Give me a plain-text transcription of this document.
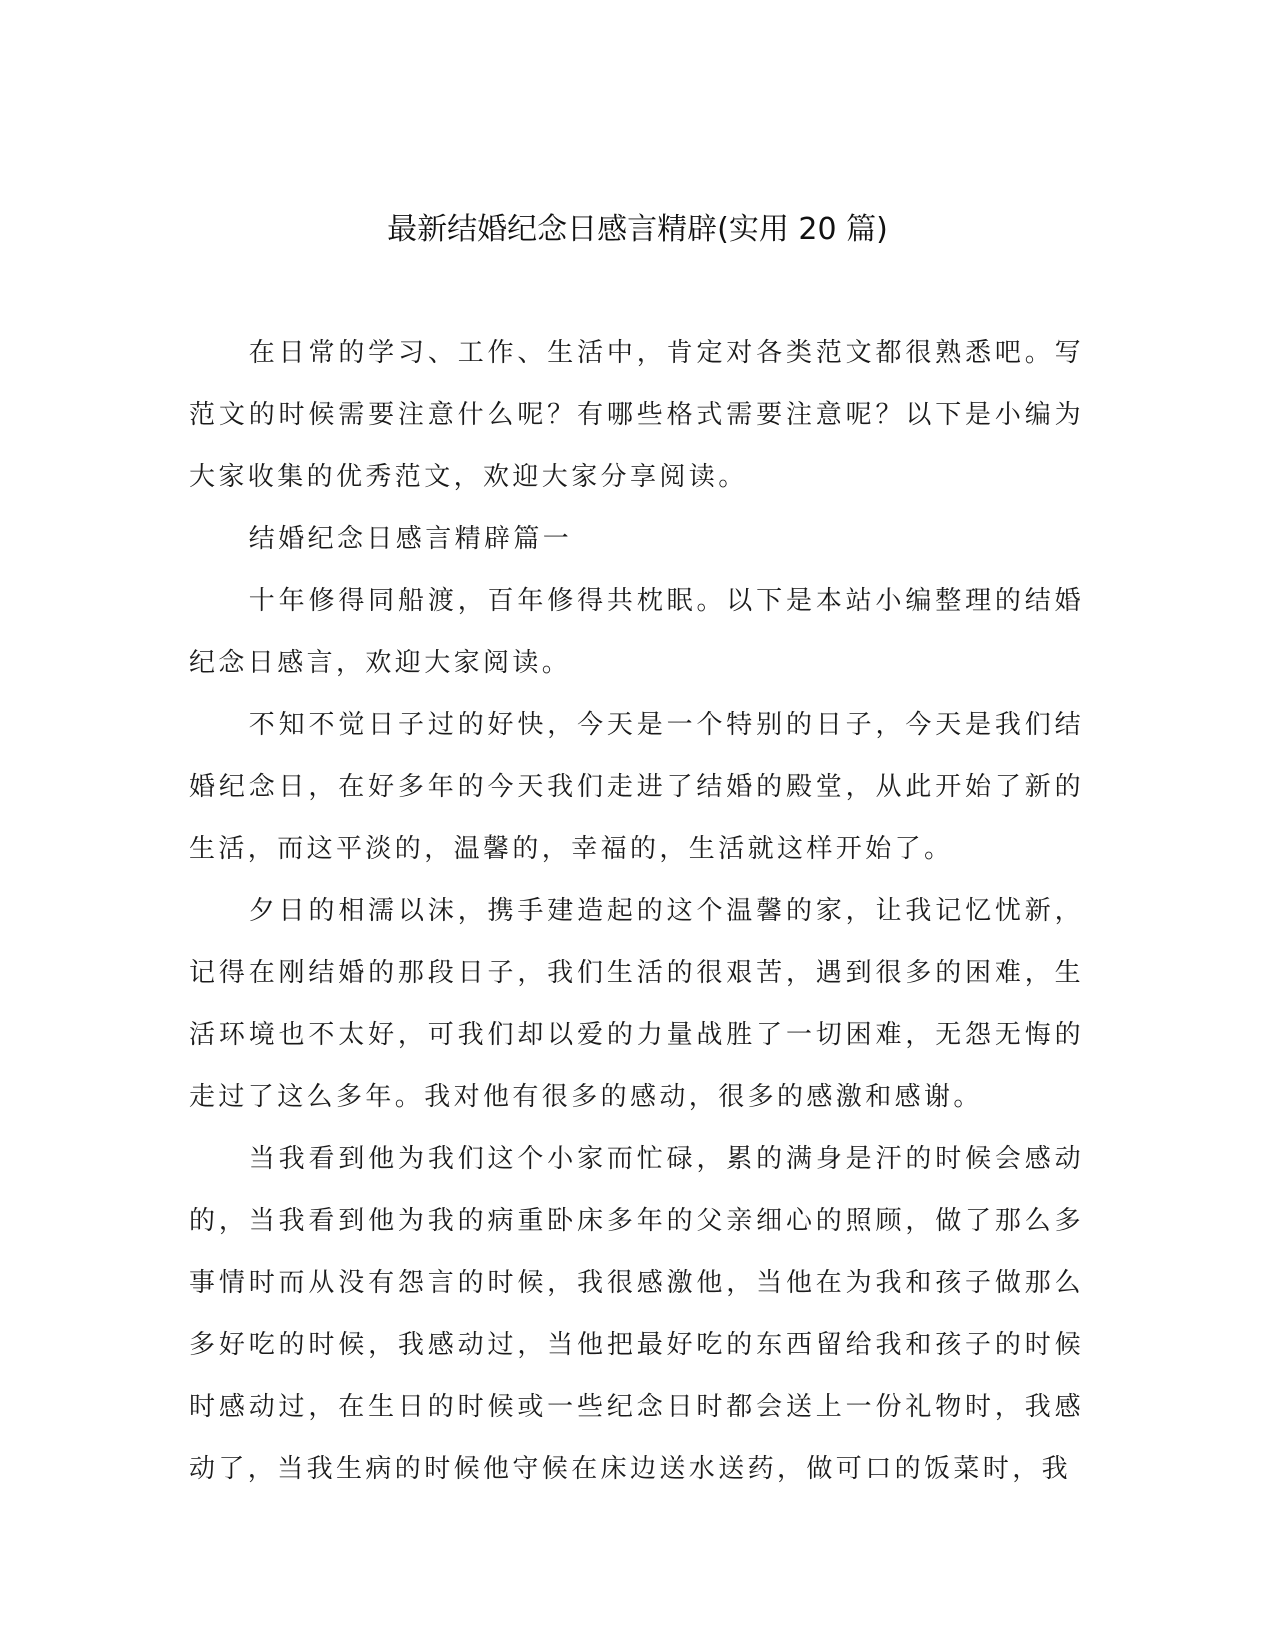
最新结婚纪念日感言精辟(实用 20 篇)

在日常的学习、工作、生活中，肯定对各类范文都很熟悉吧。写范文的时候需要注意什么呢？有哪些格式需要注意呢？以下是小编为大家收集的优秀范文，欢迎大家分享阅读。

结婚纪念日感言精辟篇一

十年修得同船渡，百年修得共枕眠。以下是本站小编整理的结婚纪念日感言，欢迎大家阅读。

不知不觉日子过的好快，今天是一个特别的日子，今天是我们结婚纪念日，在好多年的今天我们走进了结婚的殿堂，从此开始了新的生活，而这平淡的，温馨的，幸福的，生活就这样开始了。

夕日的相濡以沫，携手建造起的这个温馨的家，让我记忆忧新，记得在刚结婚的那段日子，我们生活的很艰苦，遇到很多的困难，生活环境也不太好，可我们却以爱的力量战胜了一切困难，无怨无悔的走过了这么多年。我对他有很多的感动，很多的感激和感谢。

当我看到他为我们这个小家而忙碌，累的满身是汗的时候会感动的，当我看到他为我的病重卧床多年的父亲细心的照顾，做了那么多事情时而从没有怨言的时候，我很感激他，当他在为我和孩子做那么多好吃的时候，我感动过，当他把最好吃的东西留给我和孩子的时候时感动过，在生日的时候或一些纪念日时都会送上一份礼物时，我感动了，当我生病的时候他守候在床边送水送药，做可口的饭菜时，我
